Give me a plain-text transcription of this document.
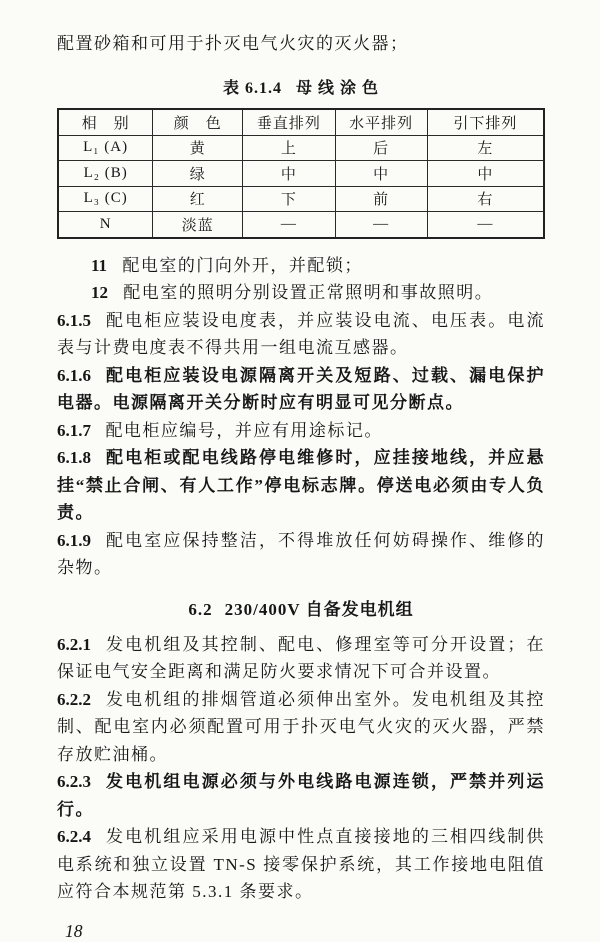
配置砂箱和可用于扑灭电气火灾的灭火器；

表 6.1.4 母 线 涂 色
相　别	颜　色	垂直排列	水平排列	引下排列
L₁ (A)	黄	上	后	左
L₂ (B)	绿	中	中	中
L₃ (C)	红	下	前	右
N	淡蓝	—	—	—

11 配电室的门向外开，并配锁；

12 配电室的照明分别设置正常照明和事故照明。

6.1.5 配电柜应装设电度表，并应装设电流、电压表。电流表与计费电度表不得共用一组电流互感器。

6.1.6 配电柜应装设电源隔离开关及短路、过载、漏电保护电器。电源隔离开关分断时应有明显可见分断点。

6.1.7 配电柜应编号，并应有用途标记。

6.1.8 配电柜或配电线路停电维修时，应挂接地线，并应悬挂“禁止合闸、有人工作”停电标志牌。停送电必须由专人负责。

6.1.9 配电室应保持整洁，不得堆放任何妨碍操作、维修的杂物。

6.2 230/400V 自备发电机组

6.2.1 发电机组及其控制、配电、修理室等可分开设置；在保证电气安全距离和满足防火要求情况下可合并设置。

6.2.2 发电机组的排烟管道必须伸出室外。发电机组及其控制、配电室内必须配置可用于扑灭电气火灾的灭火器，严禁存放贮油桶。

6.2.3 发电机组电源必须与外电线路电源连锁，严禁并列运行。

6.2.4 发电机组应采用电源中性点直接接地的三相四线制供电系统和独立设置 TN-S 接零保护系统，其工作接地电阻值应符合本规范第 5.3.1 条要求。

18
